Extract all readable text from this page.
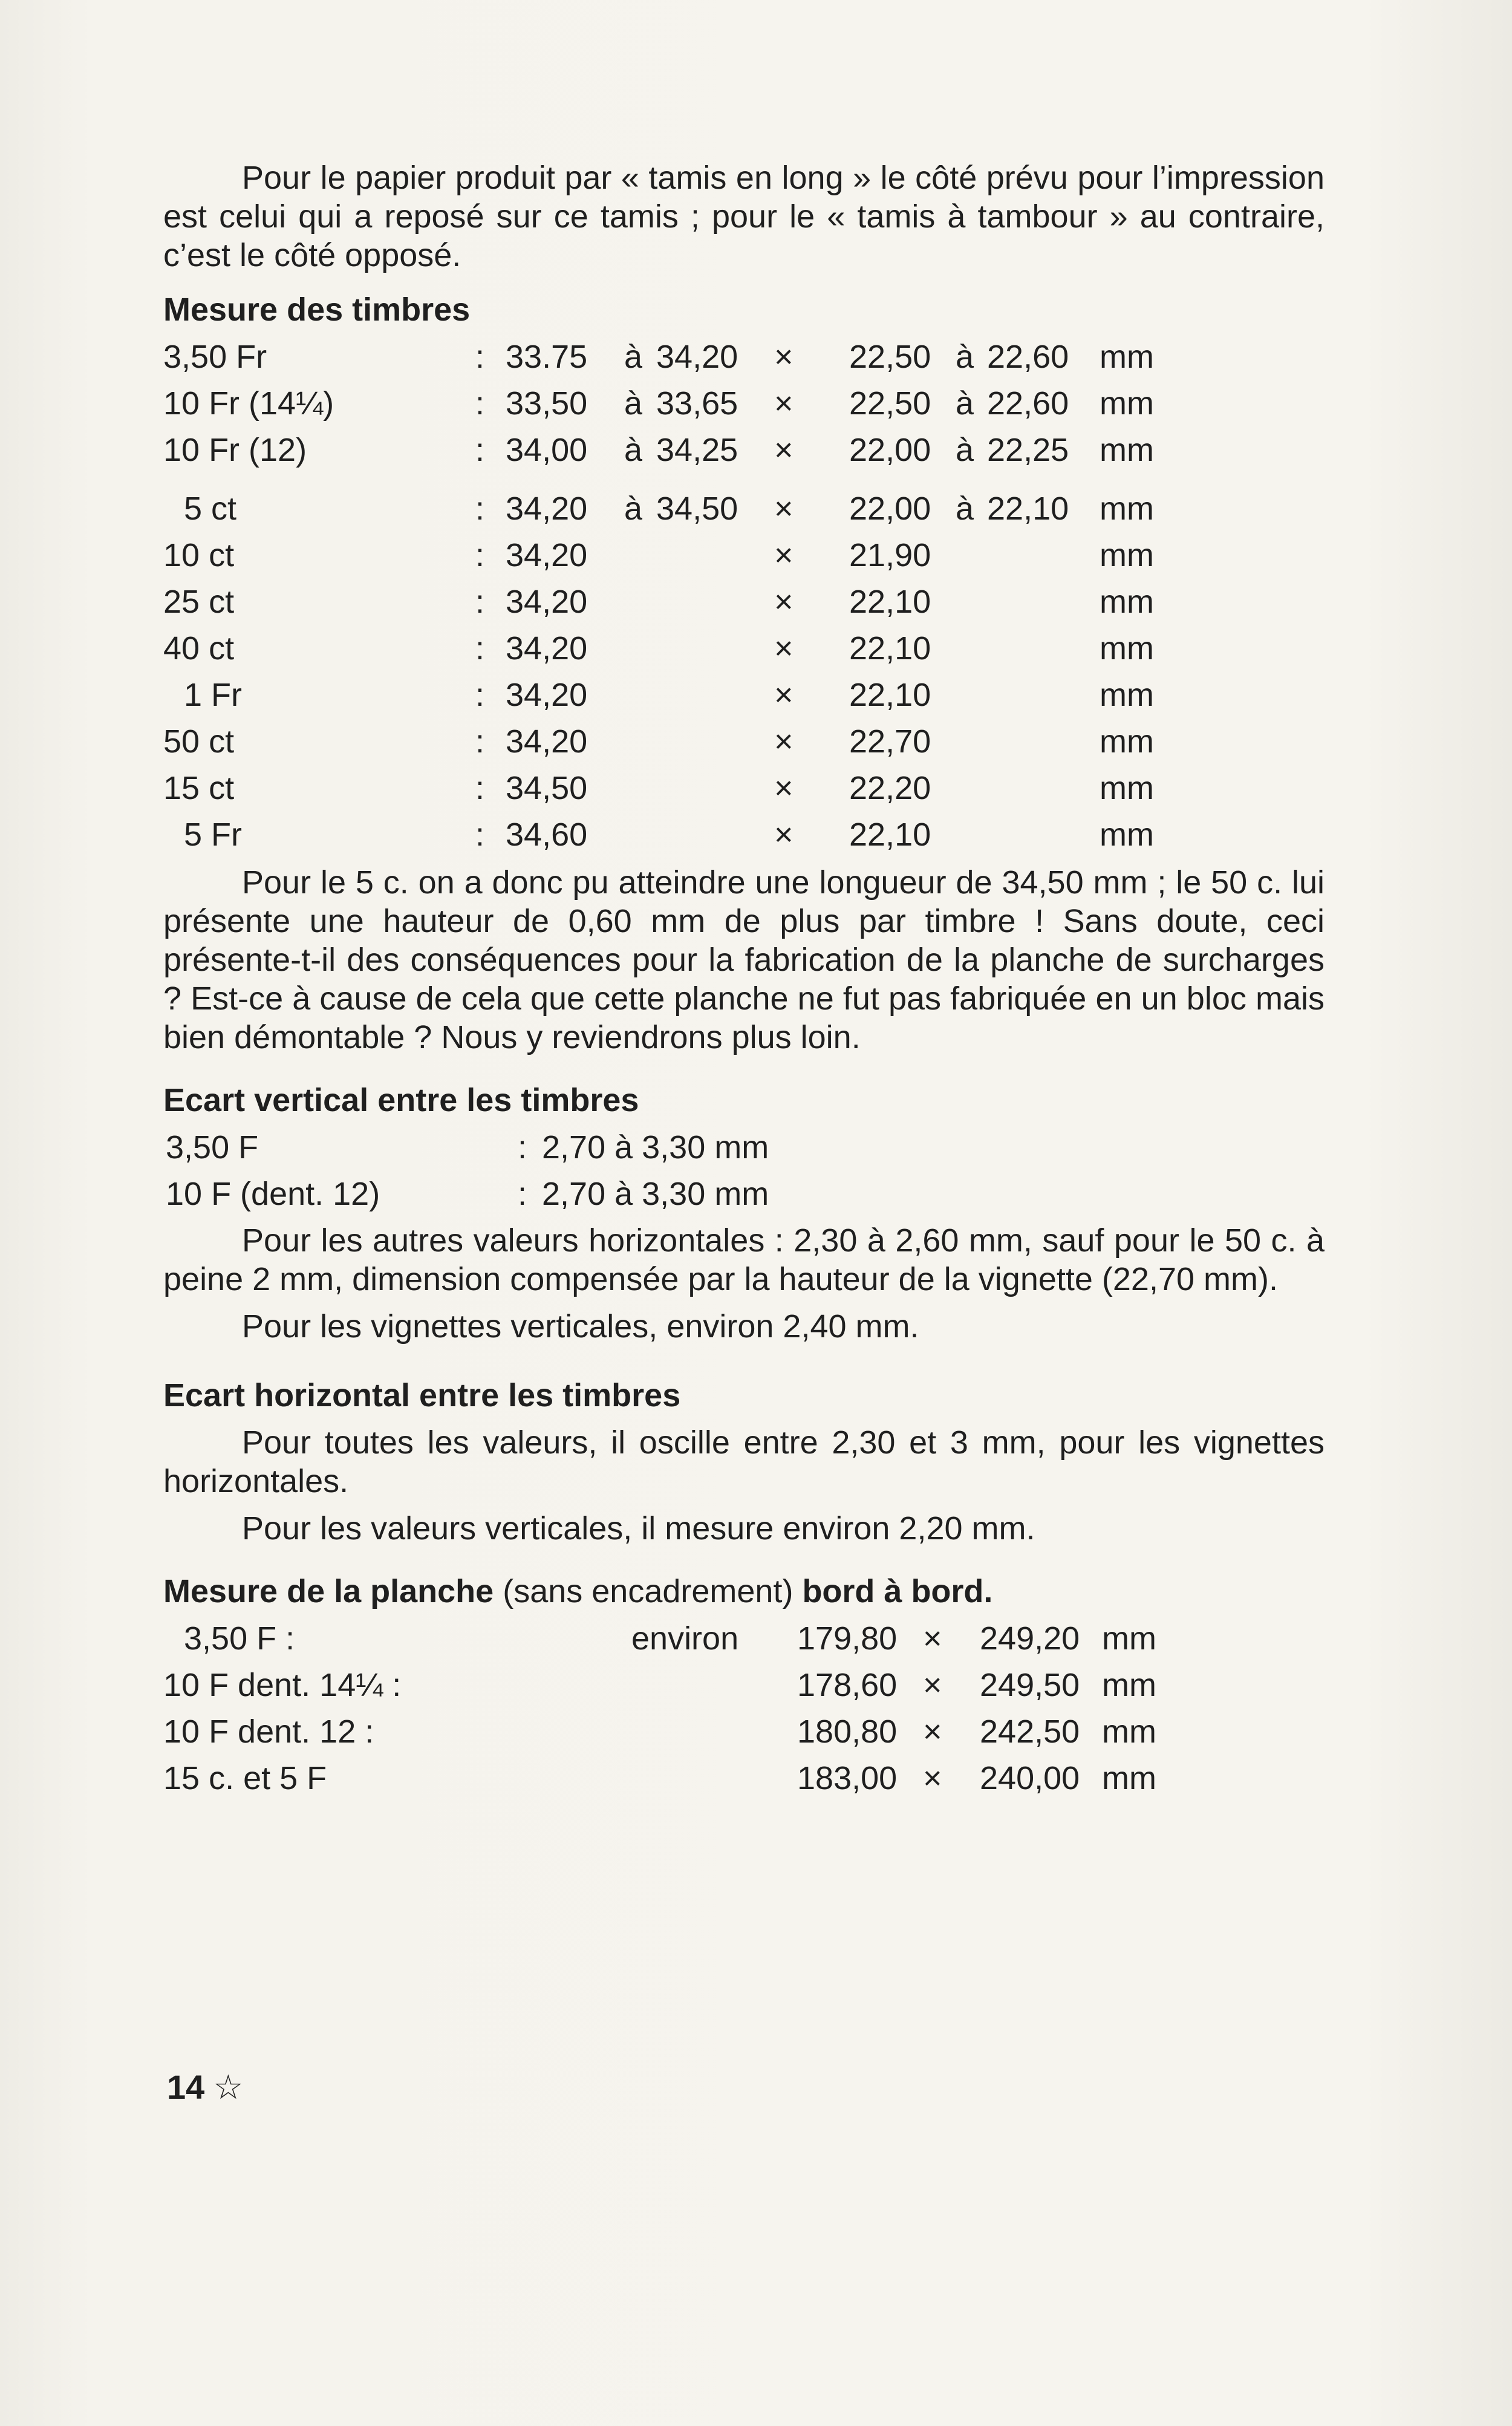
Pour le papier produit par « tamis en long » le côté prévu pour l’impression est celui qui a reposé sur ce tamis ; pour le « tamis à tambour » au contraire, c’est le côté opposé.

Mesure des timbres

3,50 Fr	: 33.75 à 34,20 × 22,50 à 22,60 mm
10 Fr (14¼)	: 33,50 à 33,65 × 22,50 à 22,60 mm
10 Fr (12)	: 34,00 à 34,25 × 22,00 à 22,25 mm
5 ct	: 34,20 à 34,50 × 22,00 à 22,10 mm
10 ct	: 34,20	× 21,90	mm
25 ct	: 34,20	× 22,10	mm
40 ct	: 34,20	× 22,10	mm
1 Fr	: 34,20	× 22,10	mm
50 ct	: 34,20	× 22,70	mm
15 ct	: 34,50	× 22,20	mm
5 Fr	: 34,60	× 22,10	mm

Pour le 5 c. on a donc pu atteindre une longueur de 34,50 mm ; le 50 c. lui présente une hauteur de 0,60 mm de plus par timbre ! Sans doute, ceci présente-t-il des conséquences pour la fabrication de la planche de surcharges ? Est-ce à cause de cela que cette planche ne fut pas fabriquée en un bloc mais bien démontable ? Nous y reviendrons plus loin.

Ecart vertical entre les timbres

3,50 F	: 2,70 à 3,30 mm
10 F (dent. 12)	: 2,70 à 3,30 mm

Pour les autres valeurs horizontales : 2,30 à 2,60 mm, sauf pour le 50 c. à peine 2 mm, dimension compensée par la hauteur de la vignette (22,70 mm).

Pour les vignettes verticales, environ 2,40 mm.

Ecart horizontal entre les timbres

Pour toutes les valeurs, il oscille entre 2,30 et 3 mm, pour les vignettes horizontales.

Pour les valeurs verticales, il mesure environ 2,20 mm.

Mesure de la planche (sans encadrement) bord à bord.

3,50 F :	environ 179,80 × 249,20 mm
10 F dent. 14¼ :	178,60 × 249,50 mm
10 F dent. 12 :	180,80 × 242,50 mm
15 c. et 5 F	183,00 × 240,00 mm
14 ☆
